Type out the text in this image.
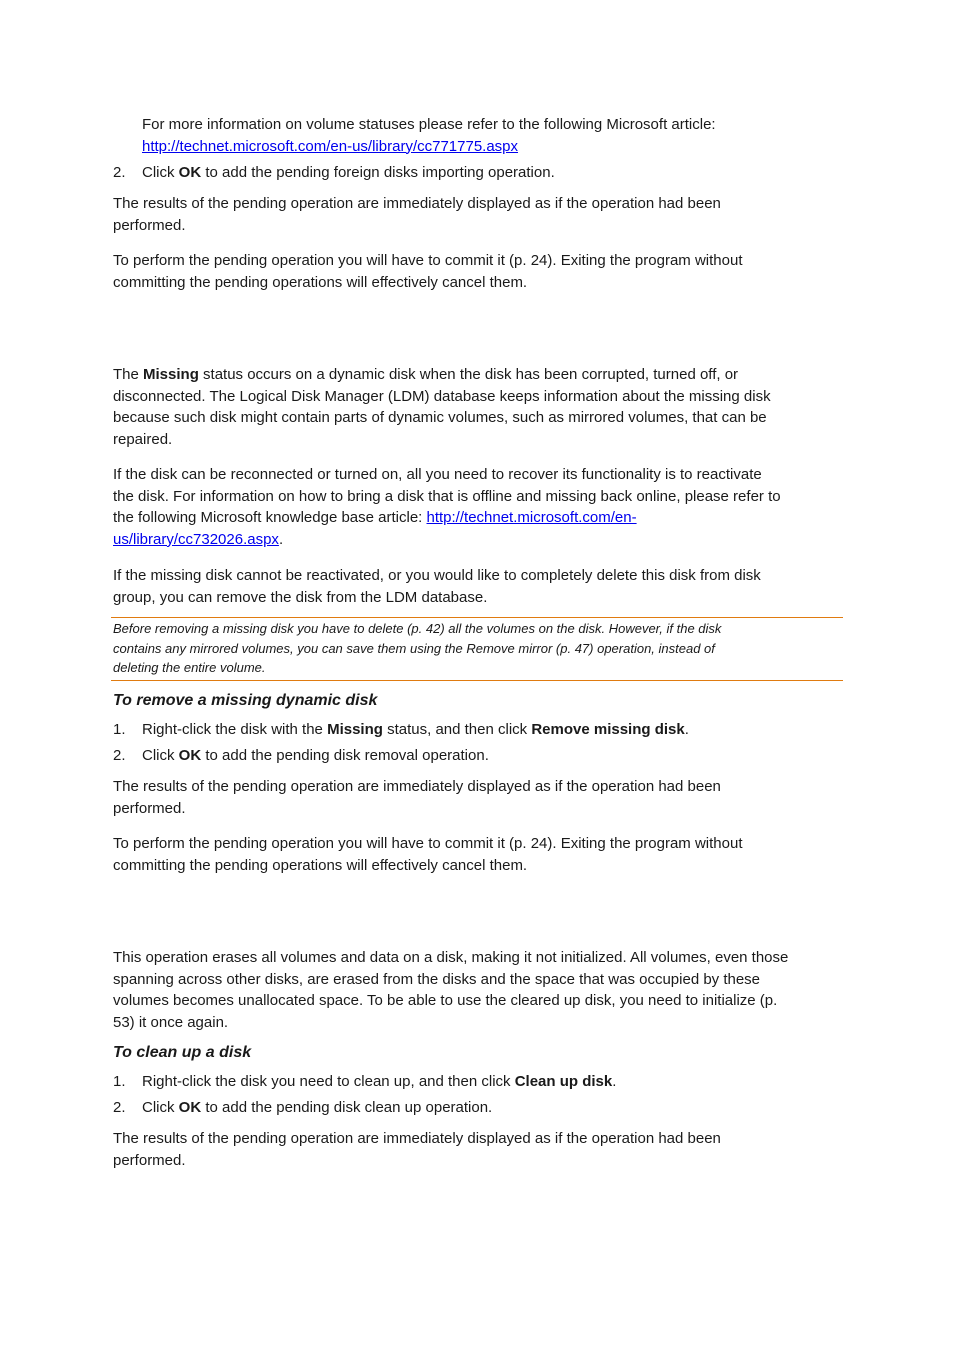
For more information on volume statuses please refer to the following Microsoft article:
http://technet.microsoft.com/en-us/library/cc771775.aspx
2. Click OK to add the pending foreign disks importing operation.
The results of the pending operation are immediately displayed as if the operation had been
performed.
To perform the pending operation you will have to commit it (p. 24). Exiting the program without
committing the pending operations will effectively cancel them.
The Missing status occurs on a dynamic disk when the disk has been corrupted, turned off, or
disconnected. The Logical Disk Manager (LDM) database keeps information about the missing disk
because such disk might contain parts of dynamic volumes, such as mirrored volumes, that can be
repaired.
If the disk can be reconnected or turned on, all you need to recover its functionality is to reactivate
the disk. For information on how to bring a disk that is offline and missing back online, please refer to
the following Microsoft knowledge base article: http://technet.microsoft.com/en-
us/library/cc732026.aspx.
If the missing disk cannot be reactivated, or you would like to completely delete this disk from disk
group, you can remove the disk from the LDM database.
Before removing a missing disk you have to delete (p. 42) all the volumes on the disk. However, if the disk
contains any mirrored volumes, you can save them using the Remove mirror (p. 47) operation, instead of
deleting the entire volume.
To remove a missing dynamic disk
1. Right-click the disk with the Missing status, and then click Remove missing disk.
2. Click OK to add the pending disk removal operation.
The results of the pending operation are immediately displayed as if the operation had been
performed.
To perform the pending operation you will have to commit it (p. 24). Exiting the program without
committing the pending operations will effectively cancel them.
This operation erases all volumes and data on a disk, making it not initialized. All volumes, even those
spanning across other disks, are erased from the disks and the space that was occupied by these
volumes becomes unallocated space. To be able to use the cleared up disk, you need to initialize (p.
53) it once again.
To clean up a disk
1. Right-click the disk you need to clean up, and then click Clean up disk.
2. Click OK to add the pending disk clean up operation.
The results of the pending operation are immediately displayed as if the operation had been
performed.
